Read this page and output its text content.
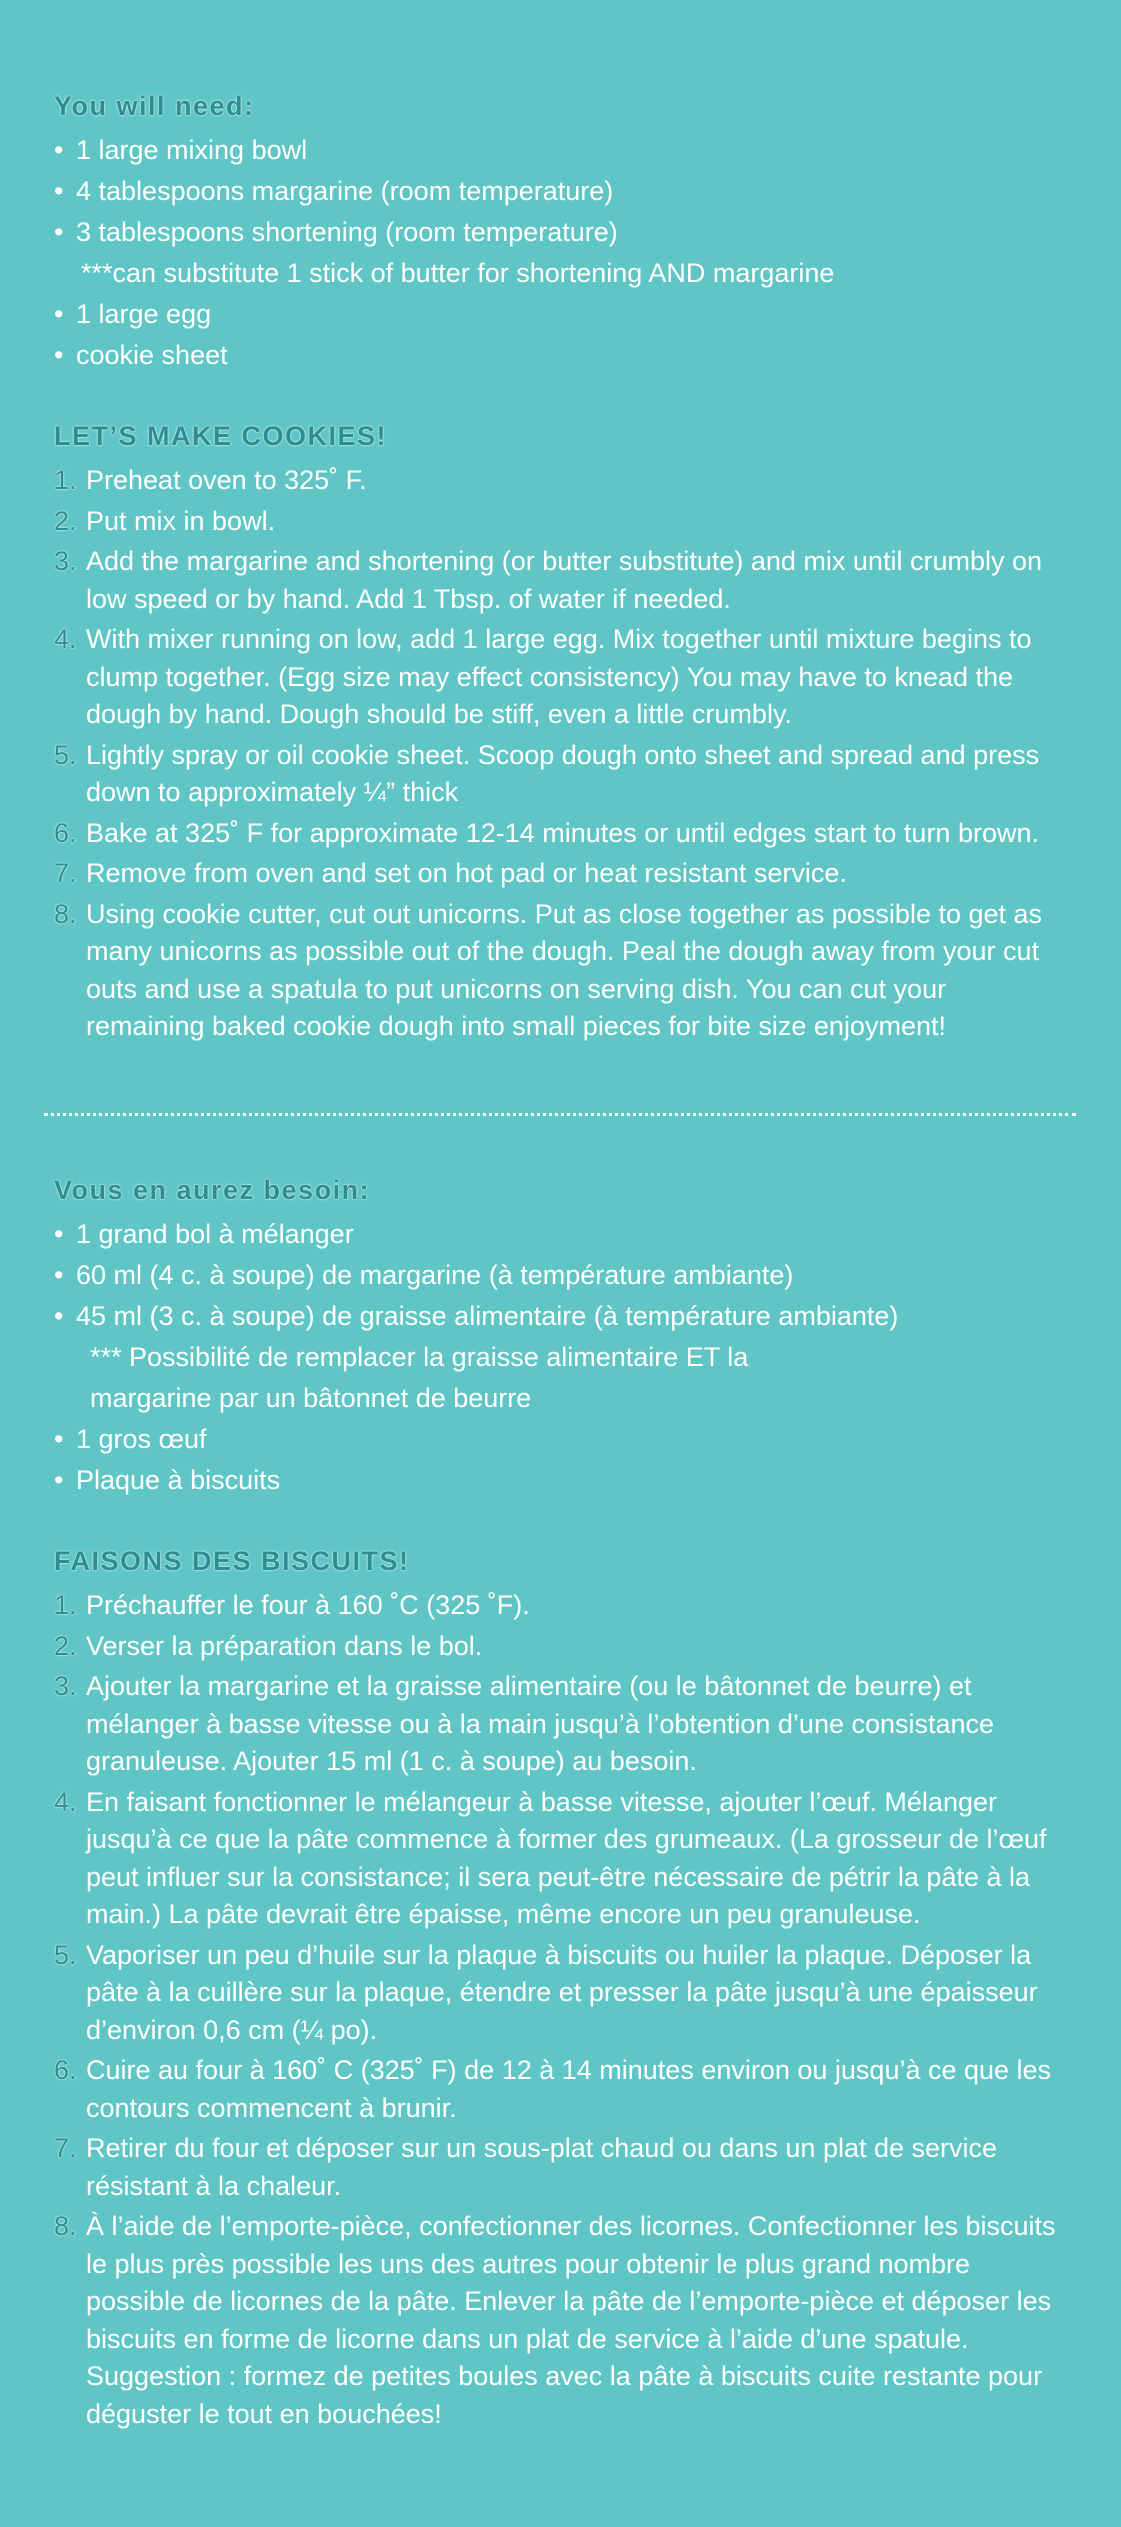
You will need:
• 1 large mixing bowl
• 4 tablespoons margarine (room temperature)
• 3 tablespoons shortening (room temperature)
***can substitute 1 stick of butter for shortening AND margarine
• 1 large egg
• cookie sheet
LET’S MAKE COOKIES!
1. Preheat oven to 325˚ F.
2. Put mix in bowl.
3. Add the margarine and shortening (or butter substitute) and mix until crumbly on low speed or by hand. Add 1 Tbsp. of water if needed.
4. With mixer running on low, add 1 large egg. Mix together until mixture begins to clump together. (Egg size may effect consistency) You may have to knead the dough by hand. Dough should be stiff, even a little crumbly.
5. Lightly spray or oil cookie sheet. Scoop dough onto sheet and spread and press down to approximately ¼” thick
6. Bake at 325˚ F for approximate 12-14 minutes or until edges start to turn brown.
7. Remove from oven and set on hot pad or heat resistant service.
8. Using cookie cutter, cut out unicorns. Put as close together as possible to get as many unicorns as possible out of the dough. Peal the dough away from your cut outs and use a spatula to put unicorns on serving dish. You can cut your remaining baked cookie dough into small pieces for bite size enjoyment!
Vous en aurez besoin:
• 1 grand bol à mélanger
• 60 ml (4 c. à soupe) de margarine (à température ambiante)
• 45 ml (3 c. à soupe) de graisse alimentaire (à température ambiante)
*** Possibilité de remplacer la graisse alimentaire ET la margarine par un bâtonnet de beurre
• 1 gros œuf
• Plaque à biscuits
FAISONS DES BISCUITS!
1. Préchauffer le four à 160 ˚C (325 ˚F).
2. Verser la préparation dans le bol.
3. Ajouter la margarine et la graisse alimentaire (ou le bâtonnet de beurre) et mélanger à basse vitesse ou à la main jusqu’à l’obtention d’une consistance granuleuse. Ajouter 15 ml (1 c. à soupe) au besoin.
4. En faisant fonctionner le mélangeur à basse vitesse, ajouter l’œuf. Mélanger jusqu’à ce que la pâte commence à former des grumeaux. (La grosseur de l’œuf peut influer sur la consistance; il sera peut-être nécessaire de pétrir la pâte à la main.) La pâte devrait être épaisse, même encore un peu granuleuse.
5. Vaporiser un peu d’huile sur la plaque à biscuits ou huiler la plaque. Déposer la pâte à la cuillère sur la plaque, étendre et presser la pâte jusqu’à une épaisseur d’environ 0,6 cm (¼ po).
6. Cuire au four à 160˚ C (325˚ F) de 12 à 14 minutes environ ou jusqu’à ce que les contours commencent à brunir.
7. Retirer du four et déposer sur un sous-plat chaud ou dans un plat de service résistant à la chaleur.
8. À l’aide de l’emporte-pièce, confectionner des licornes. Confectionner les biscuits le plus près possible les uns des autres pour obtenir le plus grand nombre possible de licornes de la pâte. Enlever la pâte de l’emporte-pièce et déposer les biscuits en forme de licorne dans un plat de service à l’aide d’une spatule. Suggestion : formez de petites boules avec la pâte à biscuits cuite restante pour déguster le tout en bouchées!
